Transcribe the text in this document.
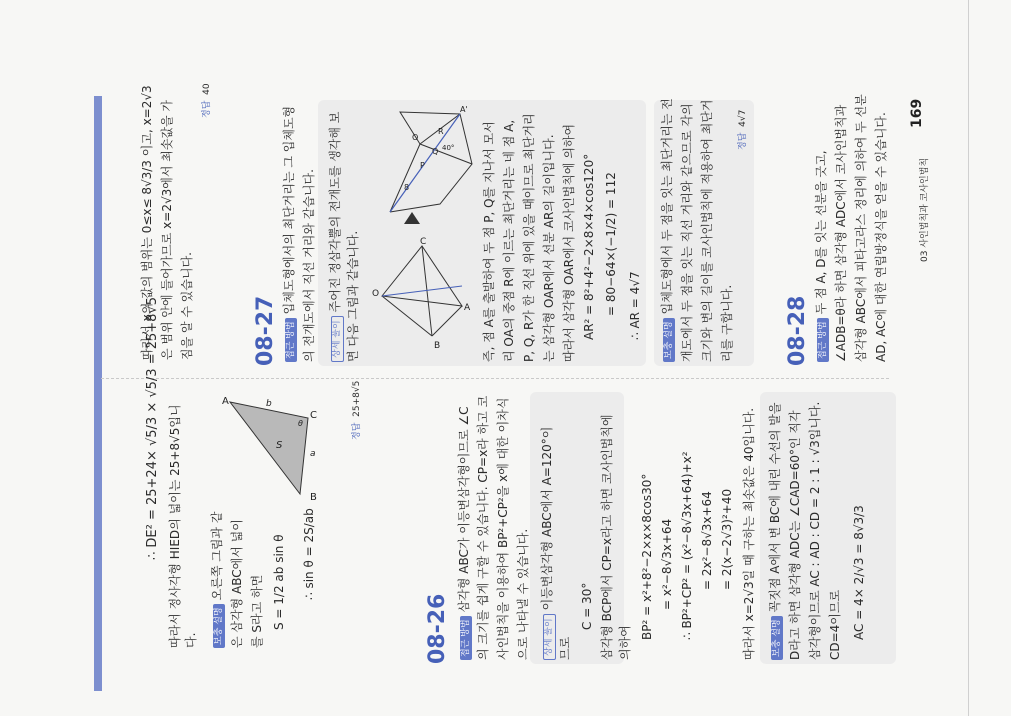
∴ DE² = 25+24× √5/3 × √5/3 = 25+8√5 따라서 정사각형 HIED의 넓이는 25+8√5입니 다.	보충 설명오른쪽 그림과 같 은 삼각형 ABC에서 넓이 를 S라고 하면 S = 1/2 ab sin θ ∴ sin θ = 2S/ab
A
B
C
S
b
a
θ	정답  25+8√5
08-26	접근 방법삼각형 ABC가 이등변삼각형이므로 ∠C 의 크기를 쉽게 구할 수 있습니다. CP=x라 하고 코 사인법칙을 이용하여 BP²+CP²을 x에 대한 이차식 으로 나타낼 수 있습니다.	상세 풀이이등변삼각형 ABC에서 A=120°이
므로
C = 30° 삼각형 BCP에서 CP=x라고 하면 코사인법칙에 의하여
BP² = x²+8²−2×x×8cos30° = x²−8√3x+64 ∴ BP²+CP² = (x²−8√3x+64)+x² = 2x²−8√3x+64 = 2(x−2√3)²+40 따라서 x=2√3일 때 구하는 최솟값은 40입니다.	보충 설명꼭짓점 A에서 변 BC에 내린 수선의 발을 D라고 하면 삼각형 ADC는 ∠CAD=60°인 직각 삼각형이므로 AC : AD : CD = 2 : 1 : √3입니다. CD=4이므로 AC = 4× 2/√3 = 8√3/3
따라서 x의 값의 범위는 0≤x≤ 8√3/3 이고, x=2√3 은 범위 안에 들어가므로 x=2√3에서 최솟값을 가 짐을 알 수 있습니다.
정답  40
08-27 접근 방법입체도형에서의 최단거리는 그 입체도형 의 전개도에서 직선 거리와 같습니다.	상세 풀이주어진 정삼각뿔의 전개도를 생각해 보 면 다음 그림과 같습니다. O
C
A
B
O
Q
P
R
A'
8
40° 즉, 점 A를 출발하여 두 점 P, Q를 지나서 모서 리 OA의 중점 R에 이르는 최단거리는 네 점 A, P, Q, R가 한 직선 위에 있을 때이므로 최단거리 는 삼각형 OAR에서 선분 AR의 길이입니다. 따라서 삼각형 OAR에서 코사인법칙에 의하여 AR² = 8²+4²−2×8×4×cos120° = 80−64×(−1/2) = 112 ∴ AR = 4√7
보충 설명입체도형에서 두 점을 잇는 최단거리는 전 개도에서 두 점을 잇는 직선 거리와 같으므로 각의 크기와 변의 길이를 코사인법칙에 적용하여 최단거 리를 구합니다.
정답  4√7
08-28 접근 방법두 점 A, D를 잇는 선분을 긋고, ∠ADB=θ라 하면 삼각형 ADC에서 코사인법칙과 삼각형 ABC에서 피타고라스 정리에 의하여 두 선분 AD, AC에 대한 연립방정식을 얻을 수 있습니다. 169
03 사인법칙과 코사인법칙
